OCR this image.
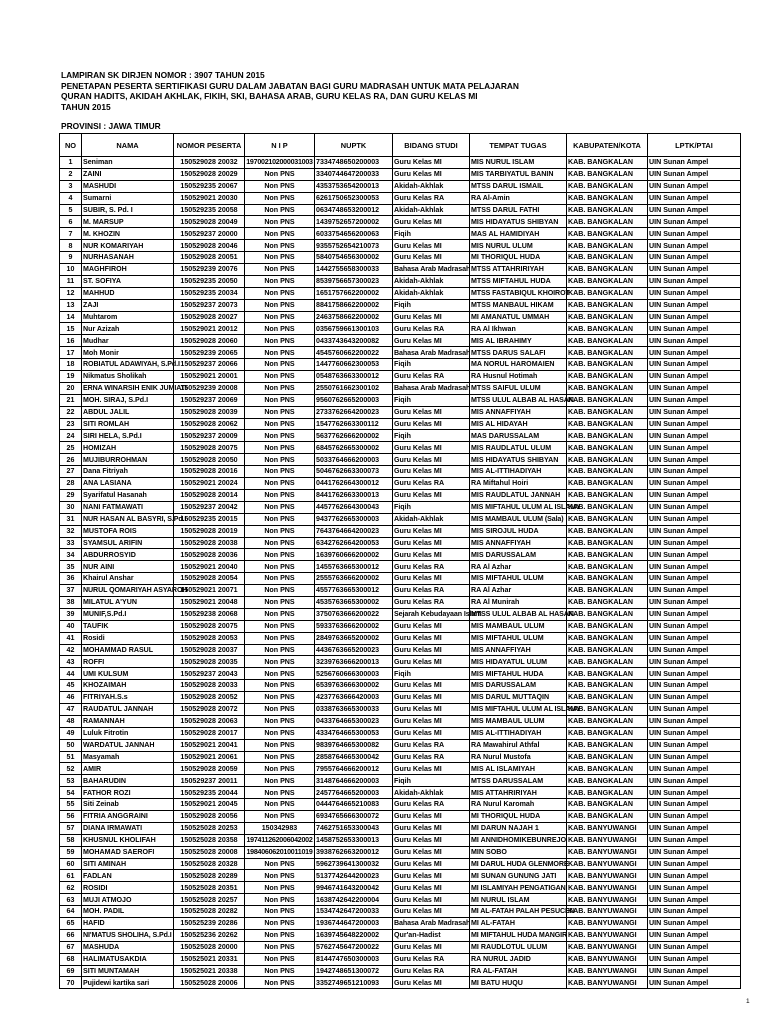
LAMPIRAN SK DIRJEN NOMOR : 3907 TAHUN 2015
PENETAPAN PESERTA SERTIFIKASI GURU DALAM JABATAN BAGI GURU MADRASAH UNTUK MATA PELAJARAN
QURAN HADITS, AKIDAH AKHLAK, FIKIH, SKI, BAHASA ARAB, GURU KELAS RA, DAN GURU KELAS MI
TAHUN 2015
PROVINSI : JAWA TIMUR
NO	NAMA	NOMOR PESERTA	N I P	NUPTK	BIDANG STUDI	TEMPAT TUGAS	KABUPATEN/KOTA	LPTK/PTAI
1	Seniman	150529028 20032	197002102000031003	7334748650200003	Guru Kelas MI	MIS NURUL ISLAM	KAB. BANGKALAN	UIN Sunan Ampel
2	ZAINI	150529028 20029	Non PNS	3340744647200033	Guru Kelas MI	MIS TARBIYATUL BANIN	KAB. BANGKALAN	UIN Sunan Ampel
3	MASHUDI	150529235 20067	Non PNS	4353753654200013	Akidah-Akhlak	MTSS DARUL ISMAIL	KAB. BANGKALAN	UIN Sunan Ampel
4	Sumarni	150529021 20030	Non PNS	6261750652300053	Guru Kelas RA	RA Al-Amin	KAB. BANGKALAN	UIN Sunan Ampel
5	SUBIR, S. Pd. I	150529235 20058	Non PNS	0634748653200012	Akidah-Akhlak	MTSS DARUL FATHI	KAB. BANGKALAN	UIN Sunan Ampel
6	M. MARSUP	150529028 20049	Non PNS	1439752657200002	Guru Kelas MI	MIS HIDAYATUS SHIBYAN	KAB. BANGKALAN	UIN Sunan Ampel
7	M. KHOZIN	150529237 20000	Non PNS	6033754656200063	Fiqih	MAS AL HAMIDIYAH	KAB. BANGKALAN	UIN Sunan Ampel
8	NUR KOMARIYAH	150529028 20046	Non PNS	9355752654210073	Guru Kelas MI	MIS NURUL ULUM	KAB. BANGKALAN	UIN Sunan Ampel
9	NURHASANAH	150529028 20051	Non PNS	5840754656300002	Guru Kelas MI	MI THORIQUL HUDA	KAB. BANGKALAN	UIN Sunan Ampel
10	MAGHFIROH	150529239 20076	Non PNS	1442755658300033	Bahasa Arab Madrasah	MTSS ATTAHRIRIYAH	KAB. BANGKALAN	UIN Sunan Ampel
11	ST. SOFIYA	150529235 20050	Non PNS	8539756657300023	Akidah-Akhlak	MTSS MIFTAHUL HUDA	KAB. BANGKALAN	UIN Sunan Ampel
12	MAHHUD	150529235 20034	Non PNS	1651757662200002	Akidah-Akhlak	MTSS FASTABIQUL KHOIROT	KAB. BANGKALAN	UIN Sunan Ampel
13	ZAJI	150529237 20073	Non PNS	8841758662200002	Fiqih	MTSS MANBAUL HIKAM	KAB. BANGKALAN	UIN Sunan Ampel
14	Muhtarom	150529028 20027	Non PNS	2463758662200002	Guru Kelas MI	MI AMANATUL UMMAH	KAB. BANGKALAN	UIN Sunan Ampel
15	Nur Azizah	150529021 20012	Non PNS	0356759661300103	Guru Kelas RA	RA Al Ikhwan	KAB. BANGKALAN	UIN Sunan Ampel
16	Mudhar	150529028 20060	Non PNS	0433743643200082	Guru Kelas MI	MIS AL IBRAHIMY	KAB. BANGKALAN	UIN Sunan Ampel
17	Moh Monir	150529239 20065	Non PNS	4545760662200022	Bahasa Arab Madrasah	MTSS DARUS SALAFI	KAB. BANGKALAN	UIN Sunan Ampel
18	ROBIATUL ADAWIYAH, S.Pd.I	150529237 20066	Non PNS	1447760662300053	Fiqih	MA NORUL HAROMAIEN	KAB. BANGKALAN	UIN Sunan Ampel
19	Nikmatus Sholikah	150529021 20001	Non PNS	0548763663300012	Guru Kelas RA	RA Husnul Hotimah	KAB. BANGKALAN	UIN Sunan Ampel
20	ERNA WINARSIH ENIK JUMIATI	150529239 20008	Non PNS	2550761662300102	Bahasa Arab Madrasah	MTSS SAIFUL ULUM	KAB. BANGKALAN	UIN Sunan Ampel
21	MOH. SIRAJ, S.Pd.I	150529237 20069	Non PNS	9560762665200003	Fiqih	MTSS ULUL ALBAB AL HASAN	KAB. BANGKALAN	UIN Sunan Ampel
22	ABDUL JALIL	150529028 20039	Non PNS	2733762664200023	Guru Kelas MI	MIS ANNAFFIYAH	KAB. BANGKALAN	UIN Sunan Ampel
23	SITI ROMLAH	150529028 20062	Non PNS	1547762663300112	Guru Kelas MI	MIS AL HIDAYAH	KAB. BANGKALAN	UIN Sunan Ampel
24	SIRI HELA, S.Pd.I	150529237 20009	Non PNS	5637762666200002	Fiqih	MAS DARUSSALAM	KAB. BANGKALAN	UIN Sunan Ampel
25	HOMIZAH	150529028 20075	Non PNS	6845762665300002	Guru Kelas MI	MIS RAUDLATUL ULUM	KAB. BANGKALAN	UIN Sunan Ampel
26	MUJIBURROHMAN	150529028 20050	Non PNS	5033764666200003	Guru Kelas MI	MIS HIDAYATUS SHIBYAN	KAB. BANGKALAN	UIN Sunan Ampel
27	Dana Fitriyah	150529028 20016	Non PNS	5046762663300073	Guru Kelas MI	MIS AL-ITTIHADIYAH	KAB. BANGKALAN	UIN Sunan Ampel
28	ANA LASIANA	150529021 20024	Non PNS	0441762664300012	Guru Kelas RA	RA Miftahul Hoiri	KAB. BANGKALAN	UIN Sunan Ampel
29	Syarifatul Hasanah	150529028 20014	Non PNS	8441762663300013	Guru Kelas MI	MIS RAUDLATUL JANNAH	KAB. BANGKALAN	UIN Sunan Ampel
30	NANI FATMAWATI	150529237 20042	Non PNS	4457762664300043	Fiqih	MIS MIFTAHUL ULUM AL ISLAMY	KAB. BANGKALAN	UIN Sunan Ampel
31	NUR HASAN AL BASYRI, S.Pd.I	150529235 20015	Non PNS	9437762665300003	Akidah-Akhlak	MIS MAMBAUL ULUM (Sala)	KAB. BANGKALAN	UIN Sunan Ampel
32	MUSTOFA ROIS	150529028 20019	Non PNS	7643764664200023	Guru Kelas MI	MIS SIROJUL HUDA	KAB. BANGKALAN	UIN Sunan Ampel
33	SYAMSUL ARIFIN	150529028 20038	Non PNS	6342762664200053	Guru Kelas MI	MIS ANNAFFIYAH	KAB. BANGKALAN	UIN Sunan Ampel
34	ABDURROSYID	150529028 20036	Non PNS	1639760666200002	Guru Kelas MI	MIS DARUSSALAM	KAB. BANGKALAN	UIN Sunan Ampel
35	NUR AINI	150529021 20040	Non PNS	1455763665300012	Guru Kelas RA	RA Al Azhar	KAB. BANGKALAN	UIN Sunan Ampel
36	Khairul Anshar	150529028 20054	Non PNS	2555763666200002	Guru Kelas MI	MIS MIFTAHUL ULUM	KAB. BANGKALAN	UIN Sunan Ampel
37	NURUL QOMARIYAH ASYAROH	150529021 20071	Non PNS	4557763665300012	Guru Kelas RA	RA Al Azhar	KAB. BANGKALAN	UIN Sunan Ampel
38	MILATUL A'YUN	150529021 20048	Non PNS	4535763665300002	Guru Kelas RA	RA Al Munirah	KAB. BANGKALAN	UIN Sunan Ampel
39	MUNIF,S.Pd.I	150529238 20068	Non PNS	3750763666200022	Sejarah Kebudayaan Islam	MTSS ULUL ALBAB AL HASAN	KAB. BANGKALAN	UIN Sunan Ampel
40	TAUFIK	150529028 20075	Non PNS	5933763666200002	Guru Kelas MI	MIS MAMBAUL ULUM	KAB. BANGKALAN	UIN Sunan Ampel
41	Rosidi	150529028 20053	Non PNS	2849763665200002	Guru Kelas MI	MIS MIFTAHUL ULUM	KAB. BANGKALAN	UIN Sunan Ampel
42	MOHAMMAD RASUL	150529028 20037	Non PNS	4436763665200023	Guru Kelas MI	MIS ANNAFFIYAH	KAB. BANGKALAN	UIN Sunan Ampel
43	ROFFI	150529028 20035	Non PNS	3239763666200013	Guru Kelas MI	MIS HIDAYATUL ULUM	KAB. BANGKALAN	UIN Sunan Ampel
44	UMI KULSUM	150529237 20043	Non PNS	5256760666300003	Fiqih	MIS MIFTAHUL HUDA	KAB. BANGKALAN	UIN Sunan Ampel
45	KHOZAIMAH	150529028 20033	Non PNS	6539763666300002	Guru Kelas MI	MIS DARUSSALAM	KAB. BANGKALAN	UIN Sunan Ampel
46	FITRIYAH.S.s	150529028 20052	Non PNS	4237763666420003	Guru Kelas MI	MIS DARUL MUTTAQIN	KAB. BANGKALAN	UIN Sunan Ampel
47	RAUDATUL JANNAH	150529028 20072	Non PNS	0338763665300033	Guru Kelas MI	MIS MIFTAHUL ULUM AL ISLAMY	KAB. BANGKALAN	UIN Sunan Ampel
48	RAMANNAH	150529028 20063	Non PNS	0433764665300023	Guru Kelas MI	MIS MAMBAUL ULUM	KAB. BANGKALAN	UIN Sunan Ampel
49	Luluk Fitrotin	150529028 20017	Non PNS	4334764665300053	Guru Kelas MI	MIS AL-ITTIHADIYAH	KAB. BANGKALAN	UIN Sunan Ampel
50	WARDATUL JANNAH	150529021 20041	Non PNS	9839764665300082	Guru Kelas RA	RA Mawahirul Athfal	KAB. BANGKALAN	UIN Sunan Ampel
51	Masyamah	150529021 20061	Non PNS	2858764665300042	Guru Kelas RA	RA Nurul Mustofa	KAB. BANGKALAN	UIN Sunan Ampel
52	AMIR	150529028 20059	Non PNS	7955764666200012	Guru Kelas MI	MIS AL ISLAMIYAH	KAB. BANGKALAN	UIN Sunan Ampel
53	BAHARUDIN	150529237 20011	Non PNS	3148764666200003	Fiqih	MTSS DARUSSALAM	KAB. BANGKALAN	UIN Sunan Ampel
54	FATHOR ROZI	150529235 20044	Non PNS	2457764665200003	Akidah-Akhlak	MIS ATTAHRIRIYAH	KAB. BANGKALAN	UIN Sunan Ampel
55	Siti Zeinab	150529021 20045	Non PNS	0444764665210083	Guru Kelas RA	RA Nurul Karomah	KAB. BANGKALAN	UIN Sunan Ampel
56	FITRIA ANGGRAINI	150529028 20056	Non PNS	6934765666300072	Guru Kelas MI	MI THORIQUL HUDA	KAB. BANGKALAN	UIN Sunan Ampel
57	DIANA IRMAWATI	150525028 20253	150342983	7462751653300043	Guru Kelas MI	MI DARUN NAJAH 1	KAB. BANYUWANGI	UIN Sunan Ampel
58	KHUSNUL KHOLIFAH	150525028 20358	197411262006042002	1458752653300013	Guru Kelas MI	MI ANNIDHOMIKEBUNREJO	KAB. BANYUWANGI	UIN Sunan Ampel
59	MOHAMAD SAEROFI	150525028 20008	198406062010011019	3938762663200012	Guru Kelas MI	MIN SOBO	KAB. BANYUWANGI	UIN Sunan Ampel
60	SITI AMINAH	150525028 20328	Non PNS	5962739641300032	Guru Kelas MI	MI DARUL HUDA GLENMORE	KAB. BANYUWANGI	UIN Sunan Ampel
61	FADLAN	150525028 20289	Non PNS	5137742644200023	Guru Kelas MI	MI SUNAN GUNUNG JATI	KAB. BANYUWANGI	UIN Sunan Ampel
62	ROSIDI	150525028 20351	Non PNS	9946741643200042	Guru Kelas MI	MI ISLAMIYAH PENGATIGAN	KAB. BANYUWANGI	UIN Sunan Ampel
63	MUJI ATMOJO	150525028 20257	Non PNS	1638742642200004	Guru Kelas MI	MI NURUL ISLAM	KAB. BANYUWANGI	UIN Sunan Ampel
64	MOH. PADIL	150525028 20282	Non PNS	1534742647200033	Guru Kelas MI	MI AL-FATAH PALAH PESUCEN	KAB. BANYUWANGI	UIN Sunan Ampel
65	HAFID	150525239 20286	Non PNS	1936744647200003	Bahasa Arab Madrasah	MI AL-FATAH	KAB. BANYUWANGI	UIN Sunan Ampel
66	NI'MATUS SHOLIHA, S.Pd.I	150525236 20262	Non PNS	1639745648220002	Qur'an-Hadist	MI MIFTAHUL HUDA MANGIR	KAB. BANYUWANGI	UIN Sunan Ampel
67	MASHUDA	150525028 20000	Non PNS	5762745647200022	Guru Kelas MI	MI RAUDLOTUL ULUM	KAB. BANYUWANGI	UIN Sunan Ampel
68	HALIMATUSAKDIA	150525021 20331	Non PNS	8144747650300003	Guru Kelas RA	RA NURUL JADID	KAB. BANYUWANGI	UIN Sunan Ampel
69	SITI MUNTAMAH	150525021 20338	Non PNS	1942748651300072	Guru Kelas RA	RA AL-FATAH	KAB. BANYUWANGI	UIN Sunan Ampel
70	Pujidewi kartika sari	150525028 20006	Non PNS	3352749651210093	Guru Kelas MI	MI BATU HUQU	KAB. BANYUWANGI	UIN Sunan Ampel
1
